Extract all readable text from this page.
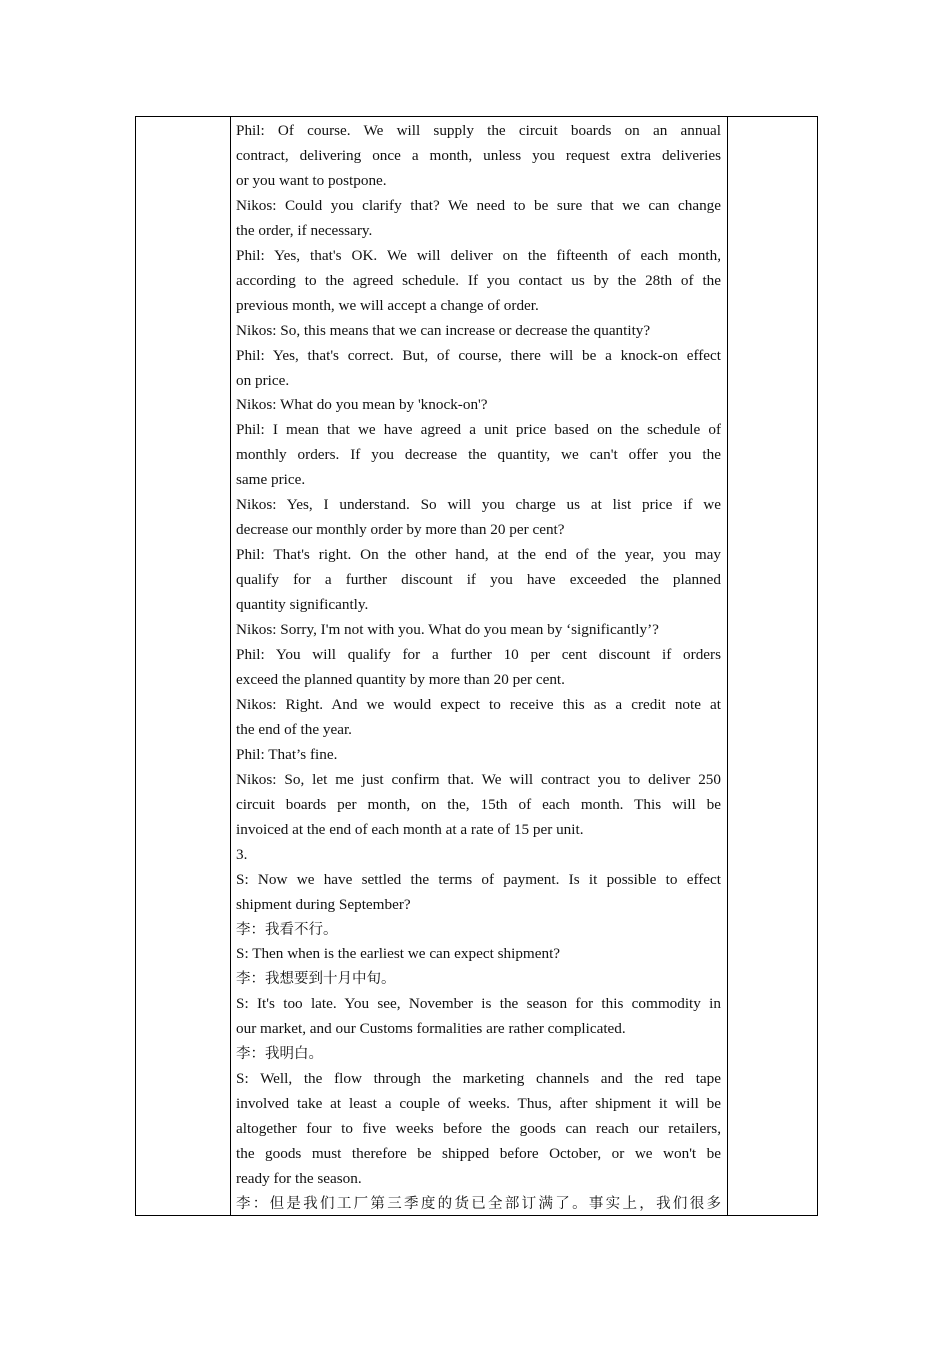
Phil: Of course. We will supply the circuit boards on an annual
contract, delivering once a month, unless you request extra deliveries
or you want to postpone.
Nikos: Could you clarify that? We need to be sure that we can change
the order, if necessary.
Phil: Yes, that's OK. We will deliver on the fifteenth of each month,
according to the agreed schedule. If you contact us by the 28th of the
previous month, we will accept a change of order.
Nikos: So, this means that we can increase or decrease the quantity?
Phil: Yes, that's correct. But, of course, there will be a knock-on effect
on price.
Nikos: What do you mean by 'knock-on'?
Phil: I mean that we have agreed a unit price based on the schedule of
monthly orders. If you decrease the quantity, we can't offer you the
same price.
Nikos: Yes, I understand. So will you charge us at list price if we
decrease our monthly order by more than 20 per cent?
Phil: That's right. On the other hand, at the end of the year, you may
qualify for a further discount if you have exceeded the planned
quantity significantly.
Nikos: Sorry, I'm not with you. What do you mean by ‘significantly’?
Phil: You will qualify for a further 10 per cent discount if orders
exceed the planned quantity by more than 20 per cent.
Nikos: Right. And we would expect to receive this as a credit note at
the end of the year.
Phil: That’s fine.
Nikos: So, let me just confirm that. We will contract you to deliver 250
circuit boards per month, on the, 15th of each month. This will be
invoiced at the end of each month at a rate of 15 per unit.
3.
S: Now we have settled the terms of payment. Is it possible to effect
shipment during September?
李：我看不行。
S: Then when is the earliest we can expect shipment?
李：我想要到十月中旬。
S: It's too late. You see, November is the season for this commodity in
our market, and our Customs formalities are rather complicated.
李：我明白。
S: Well, the flow through the marketing channels and the red tape
involved take at least a couple of weeks. Thus, after shipment it will be
altogether four to five weeks before the goods can reach our retailers,
the goods must therefore be shipped before October, or we won't be
ready for the season.
李：但是我们工厂第三季度的货已全部订满了。事实上，我们很多
